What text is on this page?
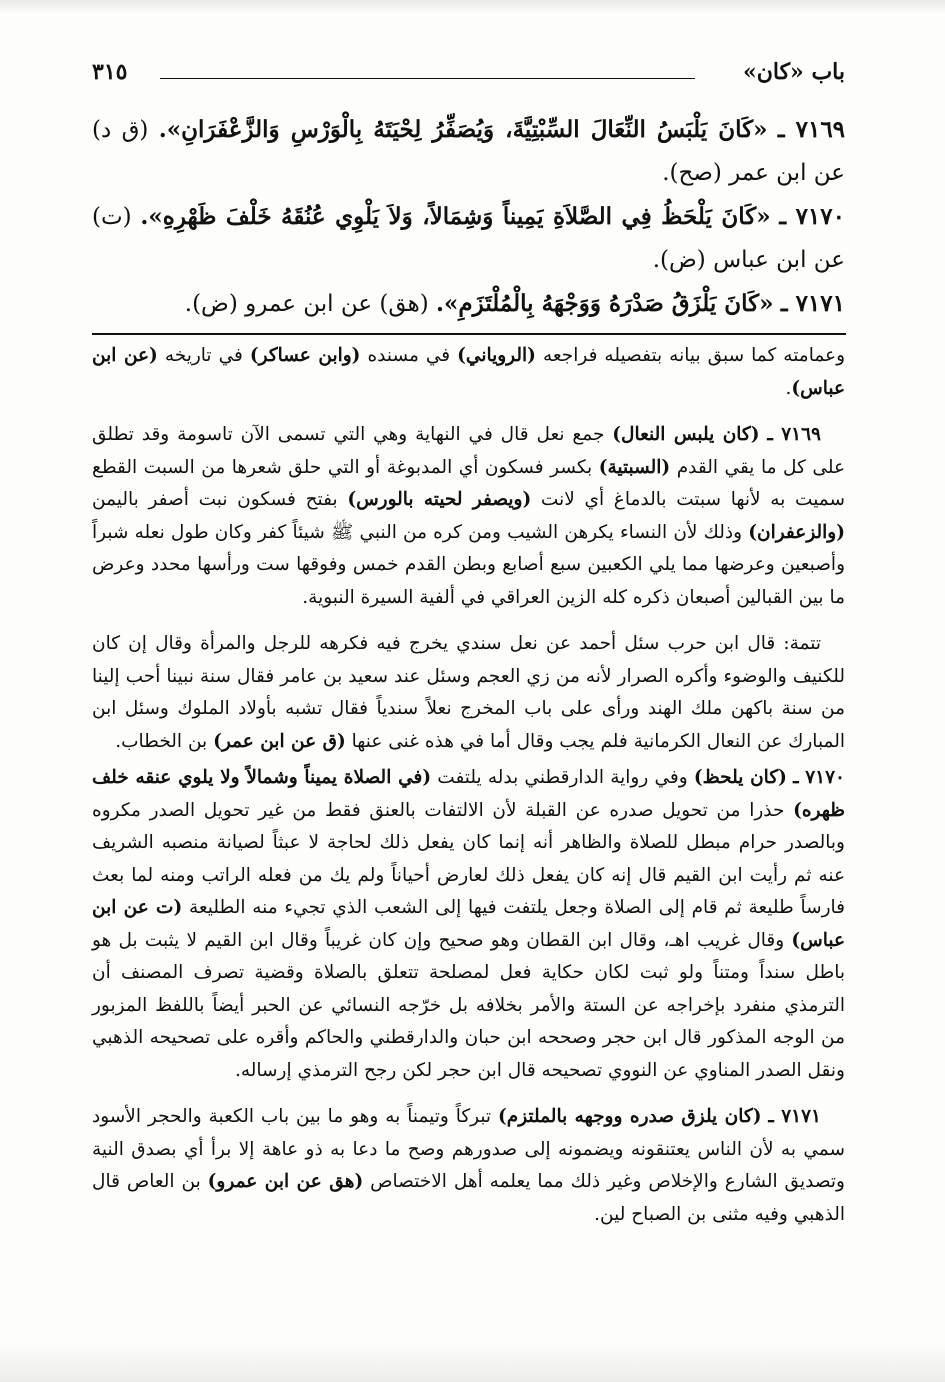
باب «كان»
٣١٥

٧١٦٩ ـ «كَانَ يَلْبَسُ النِّعَالَ السِّبْتِيَّةَ، وَيُصَفِّرُ لِحْيَتَهُ بِالْوَرْسِ وَالزَّعْفَرَانِ». (ق د) عن ابن عمر (صح).

٧١٧٠ ـ «كَانَ يَلْحَظُ فِي الصَّلاَةِ يَمِيناً وَشِمَالاً، وَلاَ يَلْوِي عُنُقَهُ خَلْفَ ظَهْرِهِ». (ت) عن ابن عباس (ض).

٧١٧١ ـ «كَانَ يَلْزَقُ صَدْرَهُ وَوَجْهَهُ بِالْمُلْتَزَمِ». (هق) عن ابن عمرو (ض).

وعمامته كما سبق بيانه بتفصيله فراجعه (الروياني) في مسنده (وابن عساكر) في تاريخه (عن ابن عباس).

٧١٦٩ ـ (كان يلبس النعال) جمع نعل قال في النهاية وهي التي تسمى الآن تاسومة وقد تطلق على كل ما يقي القدم (السبتية) بكسر فسكون أي المدبوغة أو التي حلق شعرها من السبت القطع سميت به لأنها سبتت بالدماغ أي لانت (ويصفر لحيته بالورس) بفتح فسكون نبت أصفر باليمن (والزعفران) وذلك لأن النساء يكرهن الشيب ومن كره من النبي ﷺ شيئاً كفر وكان طول نعله شبراً وأصبعين وعرضها مما يلي الكعبين سبع أصابع وبطن القدم خمس وفوقها ست ورأسها محدد وعرض ما بين القبالين أصبعان ذكره كله الزين العراقي في ألفية السيرة النبوية.

تتمة: قال ابن حرب سئل أحمد عن نعل سندي يخرج فيه فكرهه للرجل والمرأة وقال إن كان للكنيف والوضوء وأكره الصرار لأنه من زي العجم وسئل عند سعيد بن عامر فقال سنة نبينا أحب إلينا من سنة باكهن ملك الهند ورأى على باب المخرج نعلاً سندياً فقال تشبه بأولاد الملوك وسئل ابن المبارك عن النعال الكرمانية فلم يجب وقال أما في هذه غنى عنها (ق عن ابن عمر) بن الخطاب.

٧١٧٠ ـ (كان يلحظ) وفي رواية الدارقطني بدله يلتفت (في الصلاة يميناً وشمالاً ولا يلوي عنقه خلف ظهره) حذرا من تحويل صدره عن القبلة لأن الالتفات بالعنق فقط من غير تحويل الصدر مكروه وبالصدر حرام مبطل للصلاة والظاهر أنه إنما كان يفعل ذلك لحاجة لا عبثاً لصيانة منصبه الشريف عنه ثم رأيت ابن القيم قال إنه كان يفعل ذلك لعارض أحياناً ولم يك من فعله الراتب ومنه لما بعث فارساً طليعة ثم قام إلى الصلاة وجعل يلتفت فيها إلى الشعب الذي تجيء منه الطليعة (ت عن ابن عباس) وقال غريب اهـ، وقال ابن القطان وهو صحيح وإن كان غريباً وقال ابن القيم لا يثبت بل هو باطل سنداً ومتناً ولو ثبت لكان حكاية فعل لمصلحة تتعلق بالصلاة وقضية تصرف المصنف أن الترمذي منفرد بإخراجه عن الستة والأمر بخلافه بل خرّجه النسائي عن الحبر أيضاً باللفظ المزبور من الوجه المذكور قال ابن حجر وصححه ابن حبان والدارقطني والحاكم وأقره على تصحيحه الذهبي ونقل الصدر المناوي عن النووي تصحيحه قال ابن حجر لكن رجح الترمذي إرساله.

٧١٧١ ـ (كان يلزق صدره ووجهه بالملتزم) تبركاً وتيمناً به وهو ما بين باب الكعبة والحجر الأسود سمي به لأن الناس يعتنقونه ويضمونه إلى صدورهم وصح ما دعا به ذو عاهة إلا برأ أي بصدق النية وتصديق الشارع والإخلاص وغير ذلك مما يعلمه أهل الاختصاص (هق عن ابن عمرو) بن العاص قال الذهبي وفيه مثنى بن الصباح لين.
